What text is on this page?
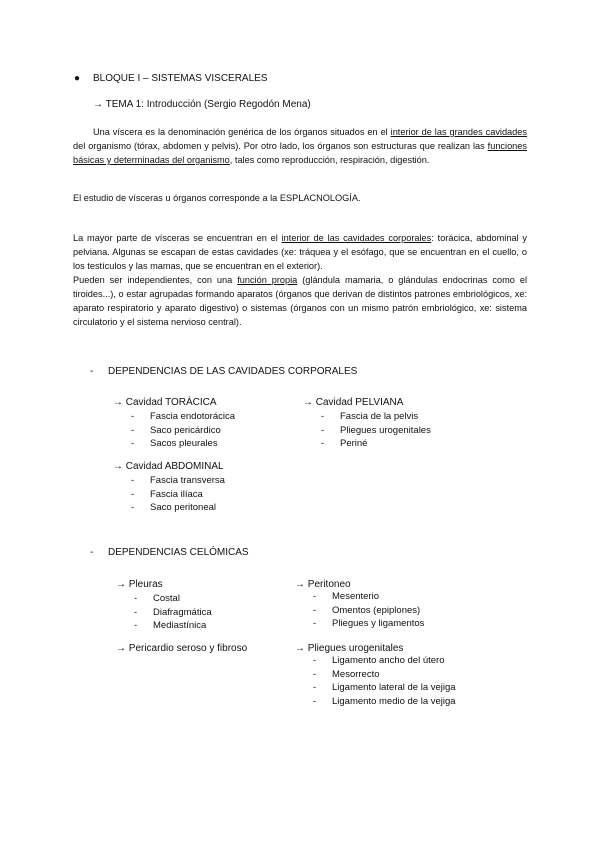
● BLOQUE I – SISTEMAS VISCERALES
→ TEMA 1: Introducción (Sergio Regodón Mena)
Una víscera es la denominación genérica de los órganos situados en el interior de las grandes cavidades del organismo (tórax, abdomen y pelvis). Por otro lado, los órganos son estructuras que realizan las funciones básicas y determinadas del organismo, tales como reproducción, respiración, digestión.
El estudio de vísceras u órganos corresponde a la ESPLACNOLOGÍA.
La mayor parte de vísceras se encuentran en el interior de las cavidades corporales: torácica, abdominal y pelviana. Algunas se escapan de estas cavidades (xe: tráquea y el esófago, que se encuentran en el cuello, o los testículos y las mamas, que se encuentran en el exterior).
Pueden ser independientes, con una función propia (glándula mamaria, o glándulas endocrinas como el tiroides...), o estar agrupadas formando aparatos (órganos que derivan de distintos patrones embriológicos, xe: aparato respiratorio y aparato digestivo) o sistemas (órganos con un mismo patrón embriológico, xe: sistema circulatorio y el sistema nervioso central).
- DEPENDENCIAS DE LAS CAVIDADES CORPORALES
→ Cavidad TORÁCICA
- Fascia endotorácica
- Saco pericárdico
- Sacos pleurales
→ Cavidad PELVIANA
- Fascia de la pelvis
- Pliegues urogenitales
- Periné
→ Cavidad ABDOMINAL
- Fascia transversa
- Fascia ilíaca
- Saco peritoneal
- DEPENDENCIAS CELÓMICAS
→ Pleuras
- Costal
- Diafragmática
- Mediastínica
→ Peritoneo
- Mesenterio
- Omentos (epiplones)
- Pliegues y ligamentos
→ Pericardio seroso y fibroso	→ Pliegues urogenitales
- Ligamento ancho del útero
- Mesorrecto
- Ligamento lateral de la vejiga
- Ligamento medio de la vejiga
